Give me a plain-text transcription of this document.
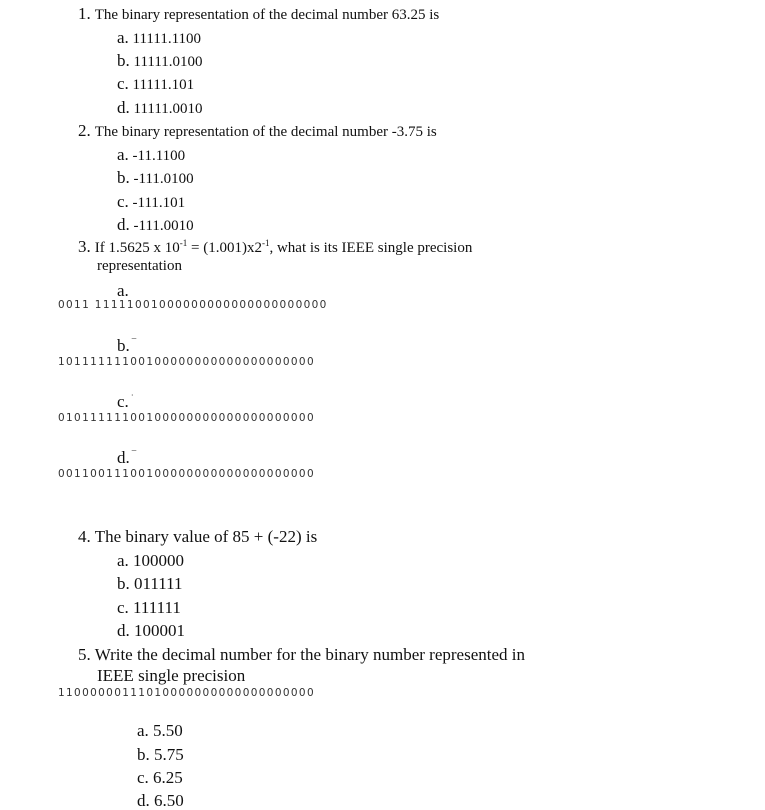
1. The binary representation of the decimal number 63.25 is
a. 11111.1100
b. 11111.0100
c. 11111.101
d. 11111.0010
2. The binary representation of the decimal number -3.75 is
a. -11.1100
b. -111.0100
c. -111.101
d. -111.0010
3. If 1.5625 x $10^{-1} = (1.001)x2^{-1}$, what is its IEEE single precision
representation
a.
0011 11111001000000000000000000000
b. ¯
10111111100100000000000000000000
c. ˙
01011111100100000000000000000000
d. ¯
00110011100100000000000000000000
4. The binary value of 85 + (-22) is
a. 100000
b. 011111
c. 111111
d. 100001
5. Write the decimal number for the binary number represented in
IEEE single precision
11000000111010000000000000000000
a. 5.50
b. 5.75
c. 6.25
d. 6.50
